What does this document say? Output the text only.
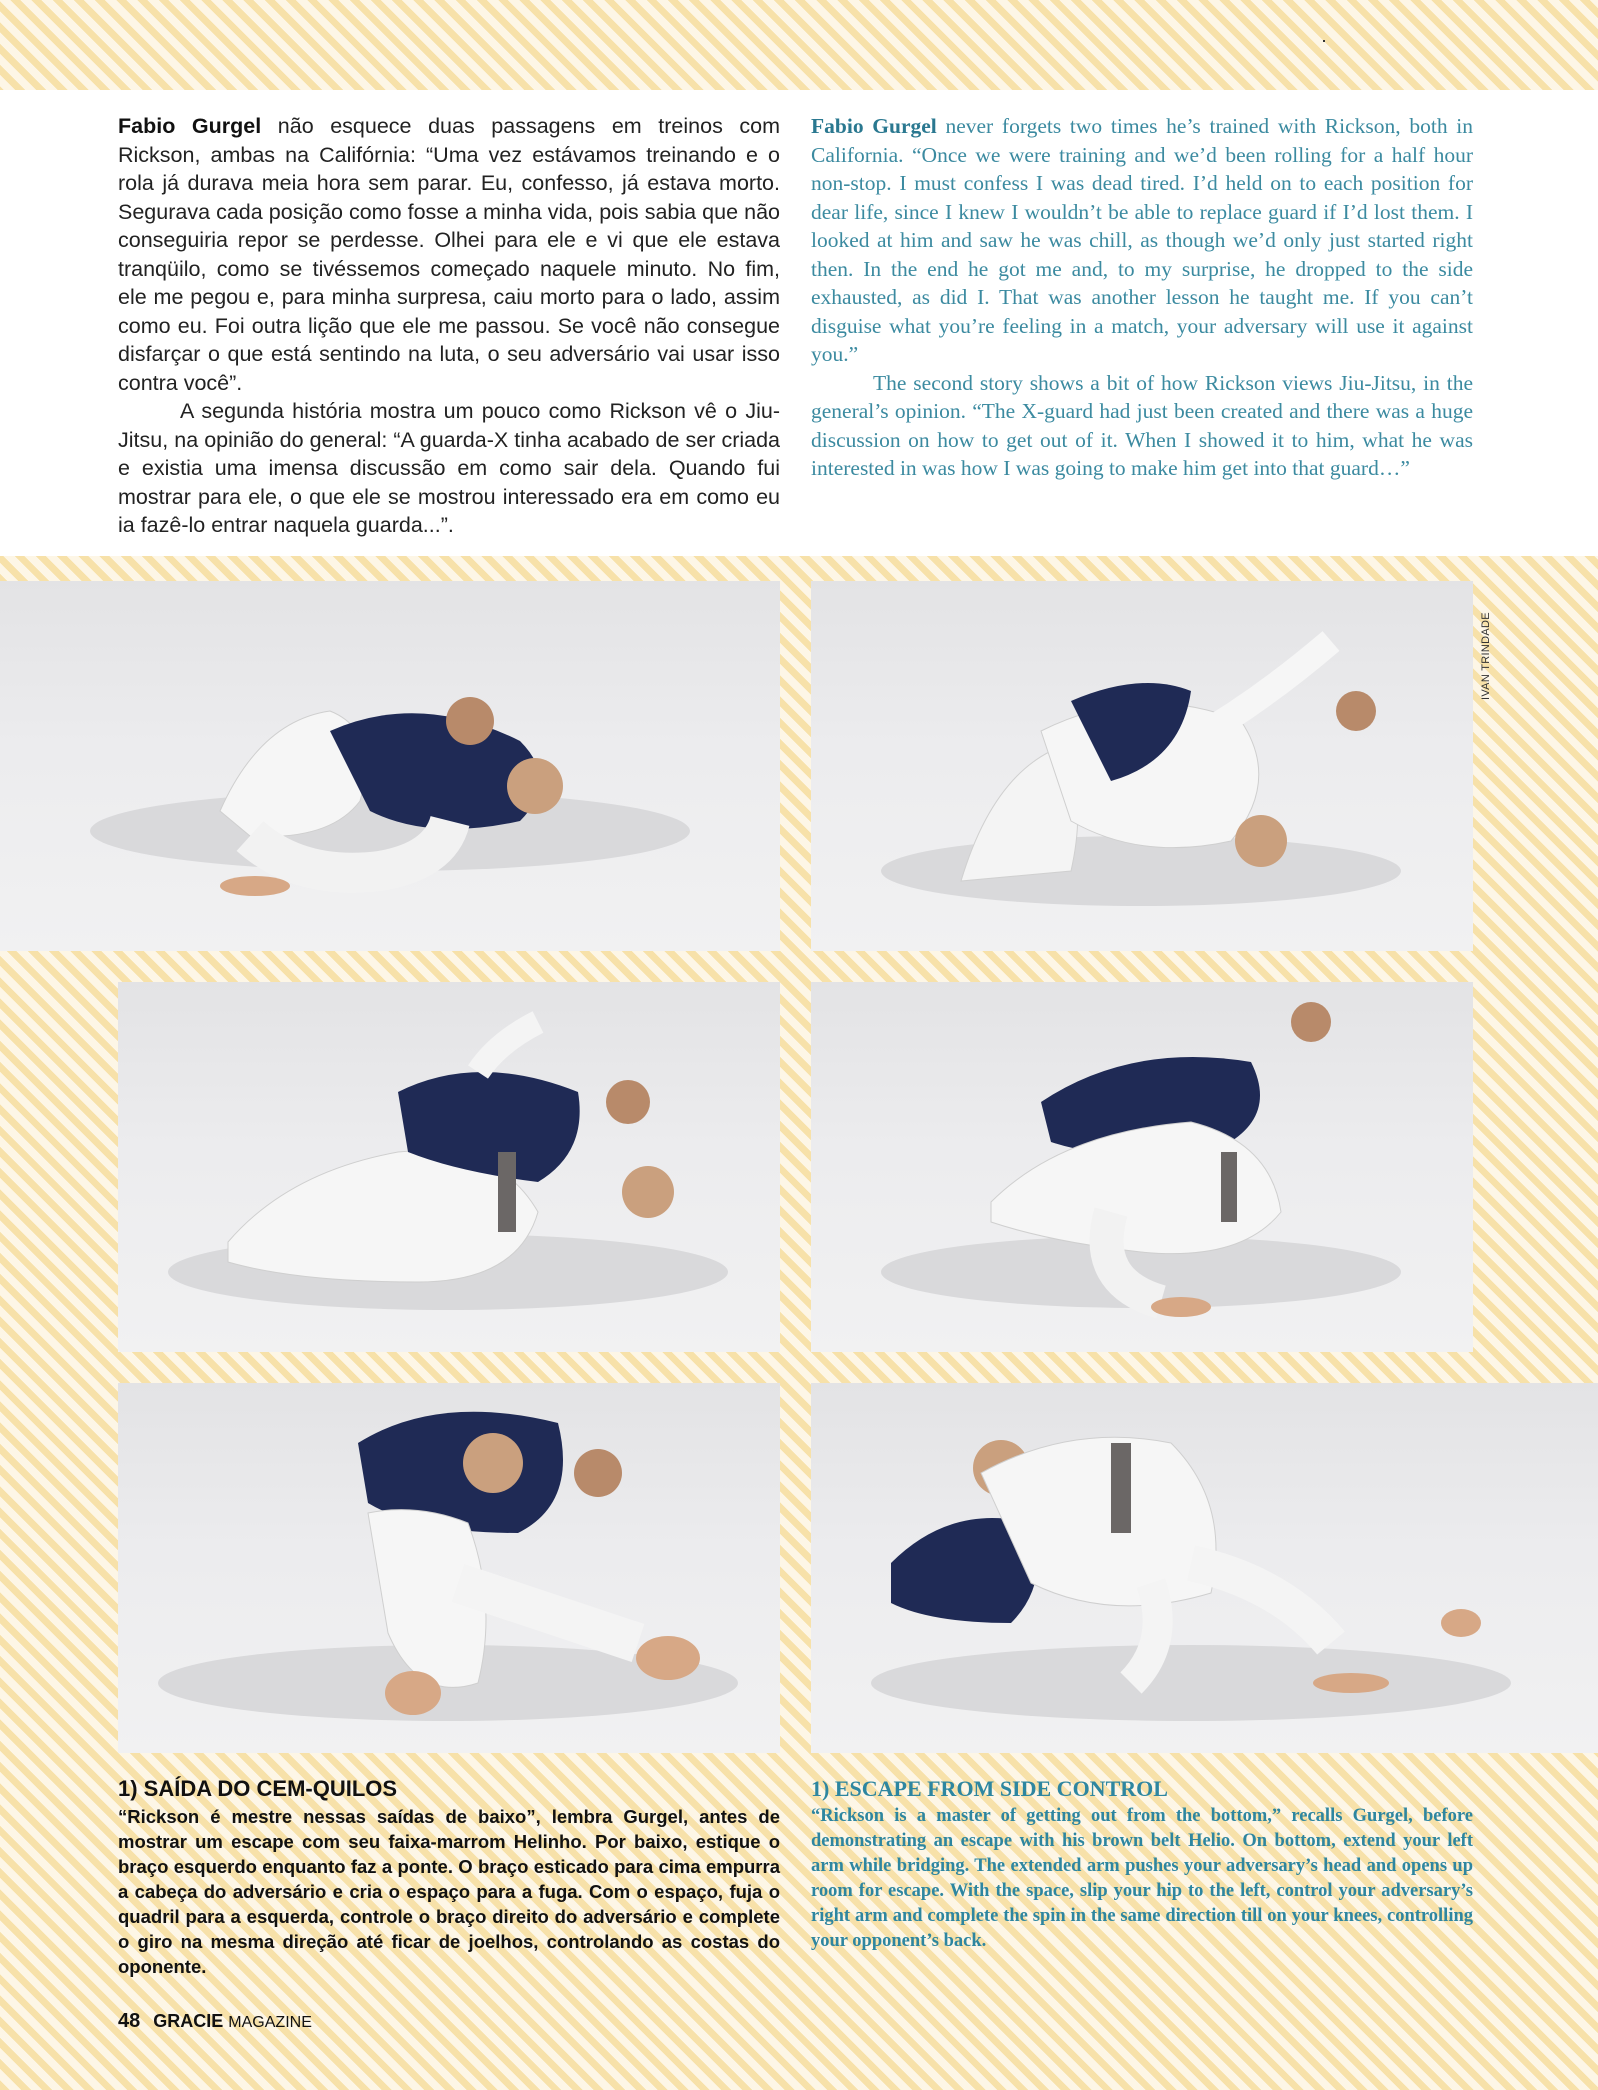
Fabio Gurgel não esquece duas passagens em treinos com Rickson, ambas na Califórnia: “Uma vez estávamos treinando e o rola já durava meia hora sem parar. Eu, confesso, já estava morto. Segurava cada posição como fosse a minha vida, pois sabia que não conseguiria repor se perdesse. Olhei para ele e vi que ele estava tranqüilo, como se tivéssemos começado naquele minuto. No fim, ele me pegou e, para minha surpresa, caiu morto para o lado, assim como eu. Foi outra lição que ele me passou. Se você não consegue disfarçar o que está sentindo na luta, o seu adversário vai usar isso contra você”.

A segunda história mostra um pouco como Rickson vê o Jiu-Jitsu, na opinião do general: “A guarda-X tinha acabado de ser criada e existia uma imensa discussão em como sair dela. Quando fui mostrar para ele, o que ele se mostrou interessado era em como eu ia fazê-lo entrar naquela guarda...”.

Fabio Gurgel never forgets two times he’s trained with Rickson, both in California. “Once we were training and we’d been rolling for a half hour non-stop. I must confess I was dead tired. I’d held on to each position for dear life, since I knew I wouldn’t be able to replace guard if I’d lost them. I looked at him and saw he was chill, as though we’d only just started right then. In the end he got me and, to my surprise, he dropped to the side exhausted, as did I. That was another lesson he taught me. If you can’t disguise what you’re feeling in a match, your adversary will use it against you.”

The second story shows a bit of how Rickson views Jiu-Jitsu, in the general’s opinion. “The X-guard had just been created and there was a huge discussion on how to get out of it. When I showed it to him, what he was interested in was how I was going to make him get into that guard…”

IVAN TRINDADE
1) SAÍDA DO CEM-QUILOS

“Rickson é mestre nessas saídas de baixo”, lembra Gurgel, antes de mostrar um escape com seu faixa-marrom Helinho. Por baixo, estique o braço esquerdo enquanto faz a ponte. O braço esticado para cima empurra a cabeça do adversário e cria o espaço para a fuga. Com o espaço, fuja o quadril para a esquerda, controle o braço direito do adversário e complete o giro na mesma direção até ficar de joelhos, controlando as costas do oponente.

1) ESCAPE FROM SIDE CONTROL

“Rickson is a master of getting out from the bottom,” recalls Gurgel, before demonstrating an escape with his brown belt Helio. On bottom, extend your left arm while bridging. The extended arm pushes your adversary’s head and opens up room for escape. With the space, slip your hip to the left, control your adversary’s right arm and complete the spin in the same direction till on your knees, controlling your opponent’s back.

48 GRACIE MAGAZINE
